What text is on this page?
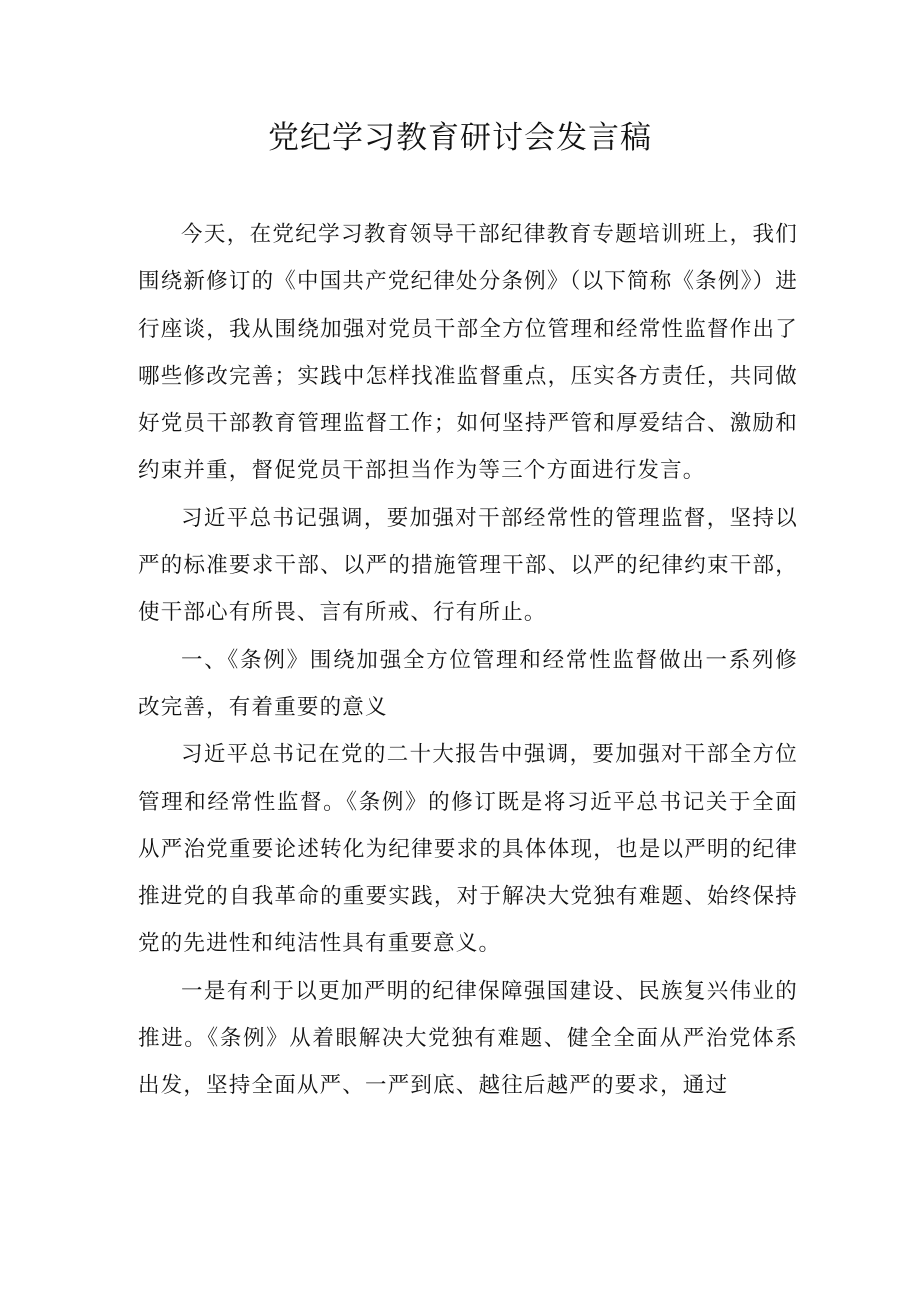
党纪学习教育研讨会发言稿

今天，在党纪学习教育领导干部纪律教育专题培训班上，我们围绕新修订的《中国共产党纪律处分条例》（以下简称《条例》）进行座谈，我从围绕加强对党员干部全方位管理和经常性监督作出了哪些修改完善；实践中怎样找准监督重点，压实各方责任，共同做好党员干部教育管理监督工作；如何坚持严管和厚爱结合、激励和约束并重，督促党员干部担当作为等三个方面进行发言。

习近平总书记强调，要加强对干部经常性的管理监督，坚持以严的标准要求干部、以严的措施管理干部、以严的纪律约束干部，使干部心有所畏、言有所戒、行有所止。

一、《条例》围绕加强全方位管理和经常性监督做出一系列修改完善，有着重要的意义

习近平总书记在党的二十大报告中强调，要加强对干部全方位管理和经常性监督。《条例》的修订既是将习近平总书记关于全面从严治党重要论述转化为纪律要求的具体体现，也是以严明的纪律推进党的自我革命的重要实践，对于解决大党独有难题、始终保持党的先进性和纯洁性具有重要意义。

一是有利于以更加严明的纪律保障强国建设、民族复兴伟业的推进。《条例》从着眼解决大党独有难题、健全全面从严治党体系出发，坚持全面从严、一严到底、越往后越严的要求，通过
